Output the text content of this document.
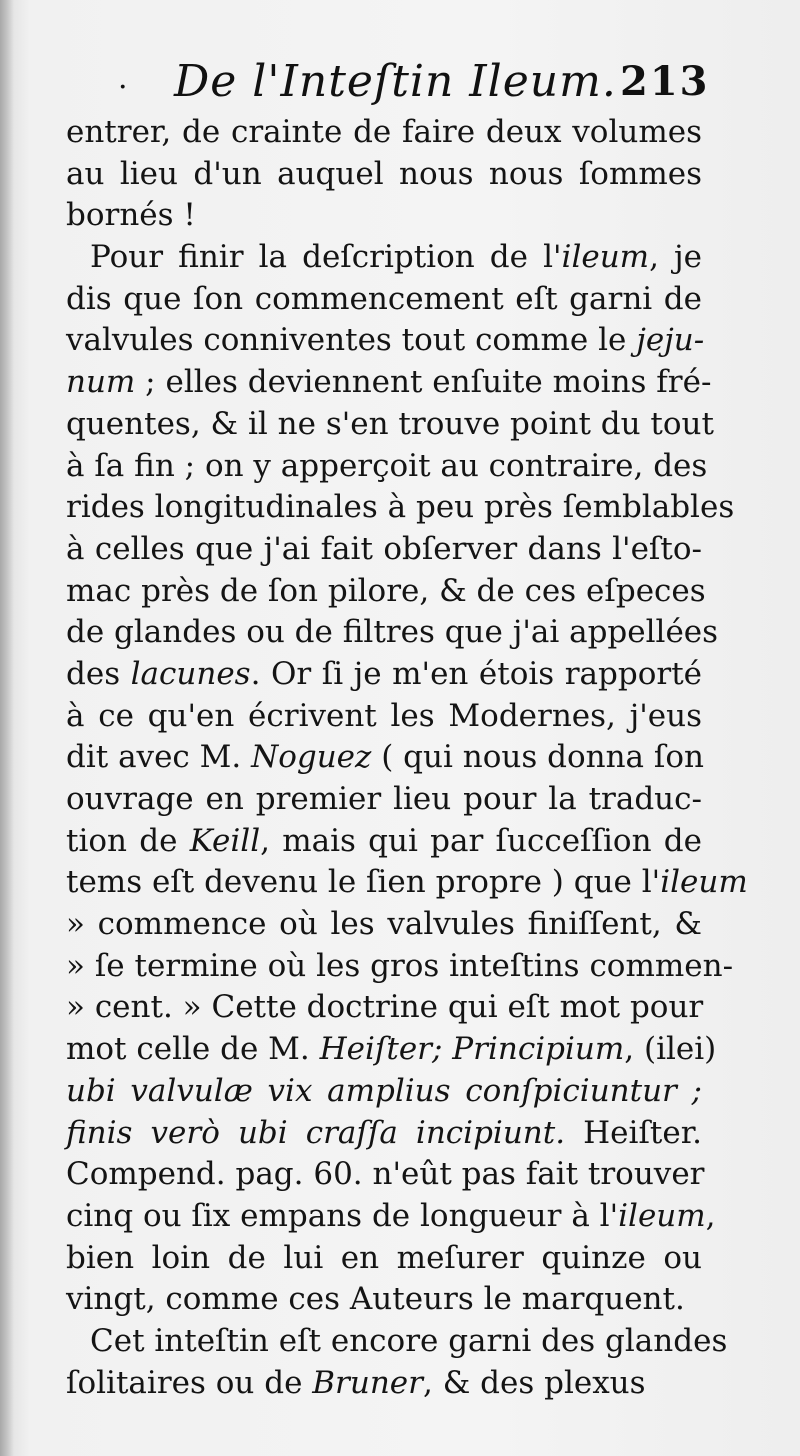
· De l'Inteſtin Ileum. 213
entrer, de crainte de faire deux volumes
au lieu d'un auquel nous nous ſommes
bornés !
Pour finir la deſcription de l'ileum, je
dis que ſon commencement eſt garni de
valvules conniventes tout comme le jeju-
num ; elles deviennent enſuite moins fré-
quentes, & il ne s'en trouve point du tout
à ſa fin ; on y apperçoit au contraire, des
rides longitudinales à peu près ſemblables
à celles que j'ai fait obſerver dans l'eſto-
mac près de ſon pilore, & de ces eſpeces
de glandes ou de filtres que j'ai appellées
des lacunes. Or ſi je m'en étois rapporté
à ce qu'en écrivent les Modernes, j'eus
dit avec M. Noguez ( qui nous donna ſon
ouvrage en premier lieu pour la traduc-
tion de Keill, mais qui par ſucceſſion de
tems eſt devenu le ſien propre ) que l'ileum
» commence où les valvules finiſſent, &
» ſe termine où les gros inteſtins commen-
» cent. » Cette doctrine qui eſt mot pour
mot celle de M. Heiſter; Principium, (ilei)
ubi valvulæ vix amplius conſpiciuntur ;
finis verò ubi craſſa incipiunt. Heiſter.
Compend. pag. 60. n'eût pas fait trouver
cinq ou ſix empans de longueur à l'ileum,
bien loin de lui en meſurer quinze ou
vingt, comme ces Auteurs le marquent.
Cet inteſtin eſt encore garni des glandes
ſolitaires ou de Bruner, & des plexus
